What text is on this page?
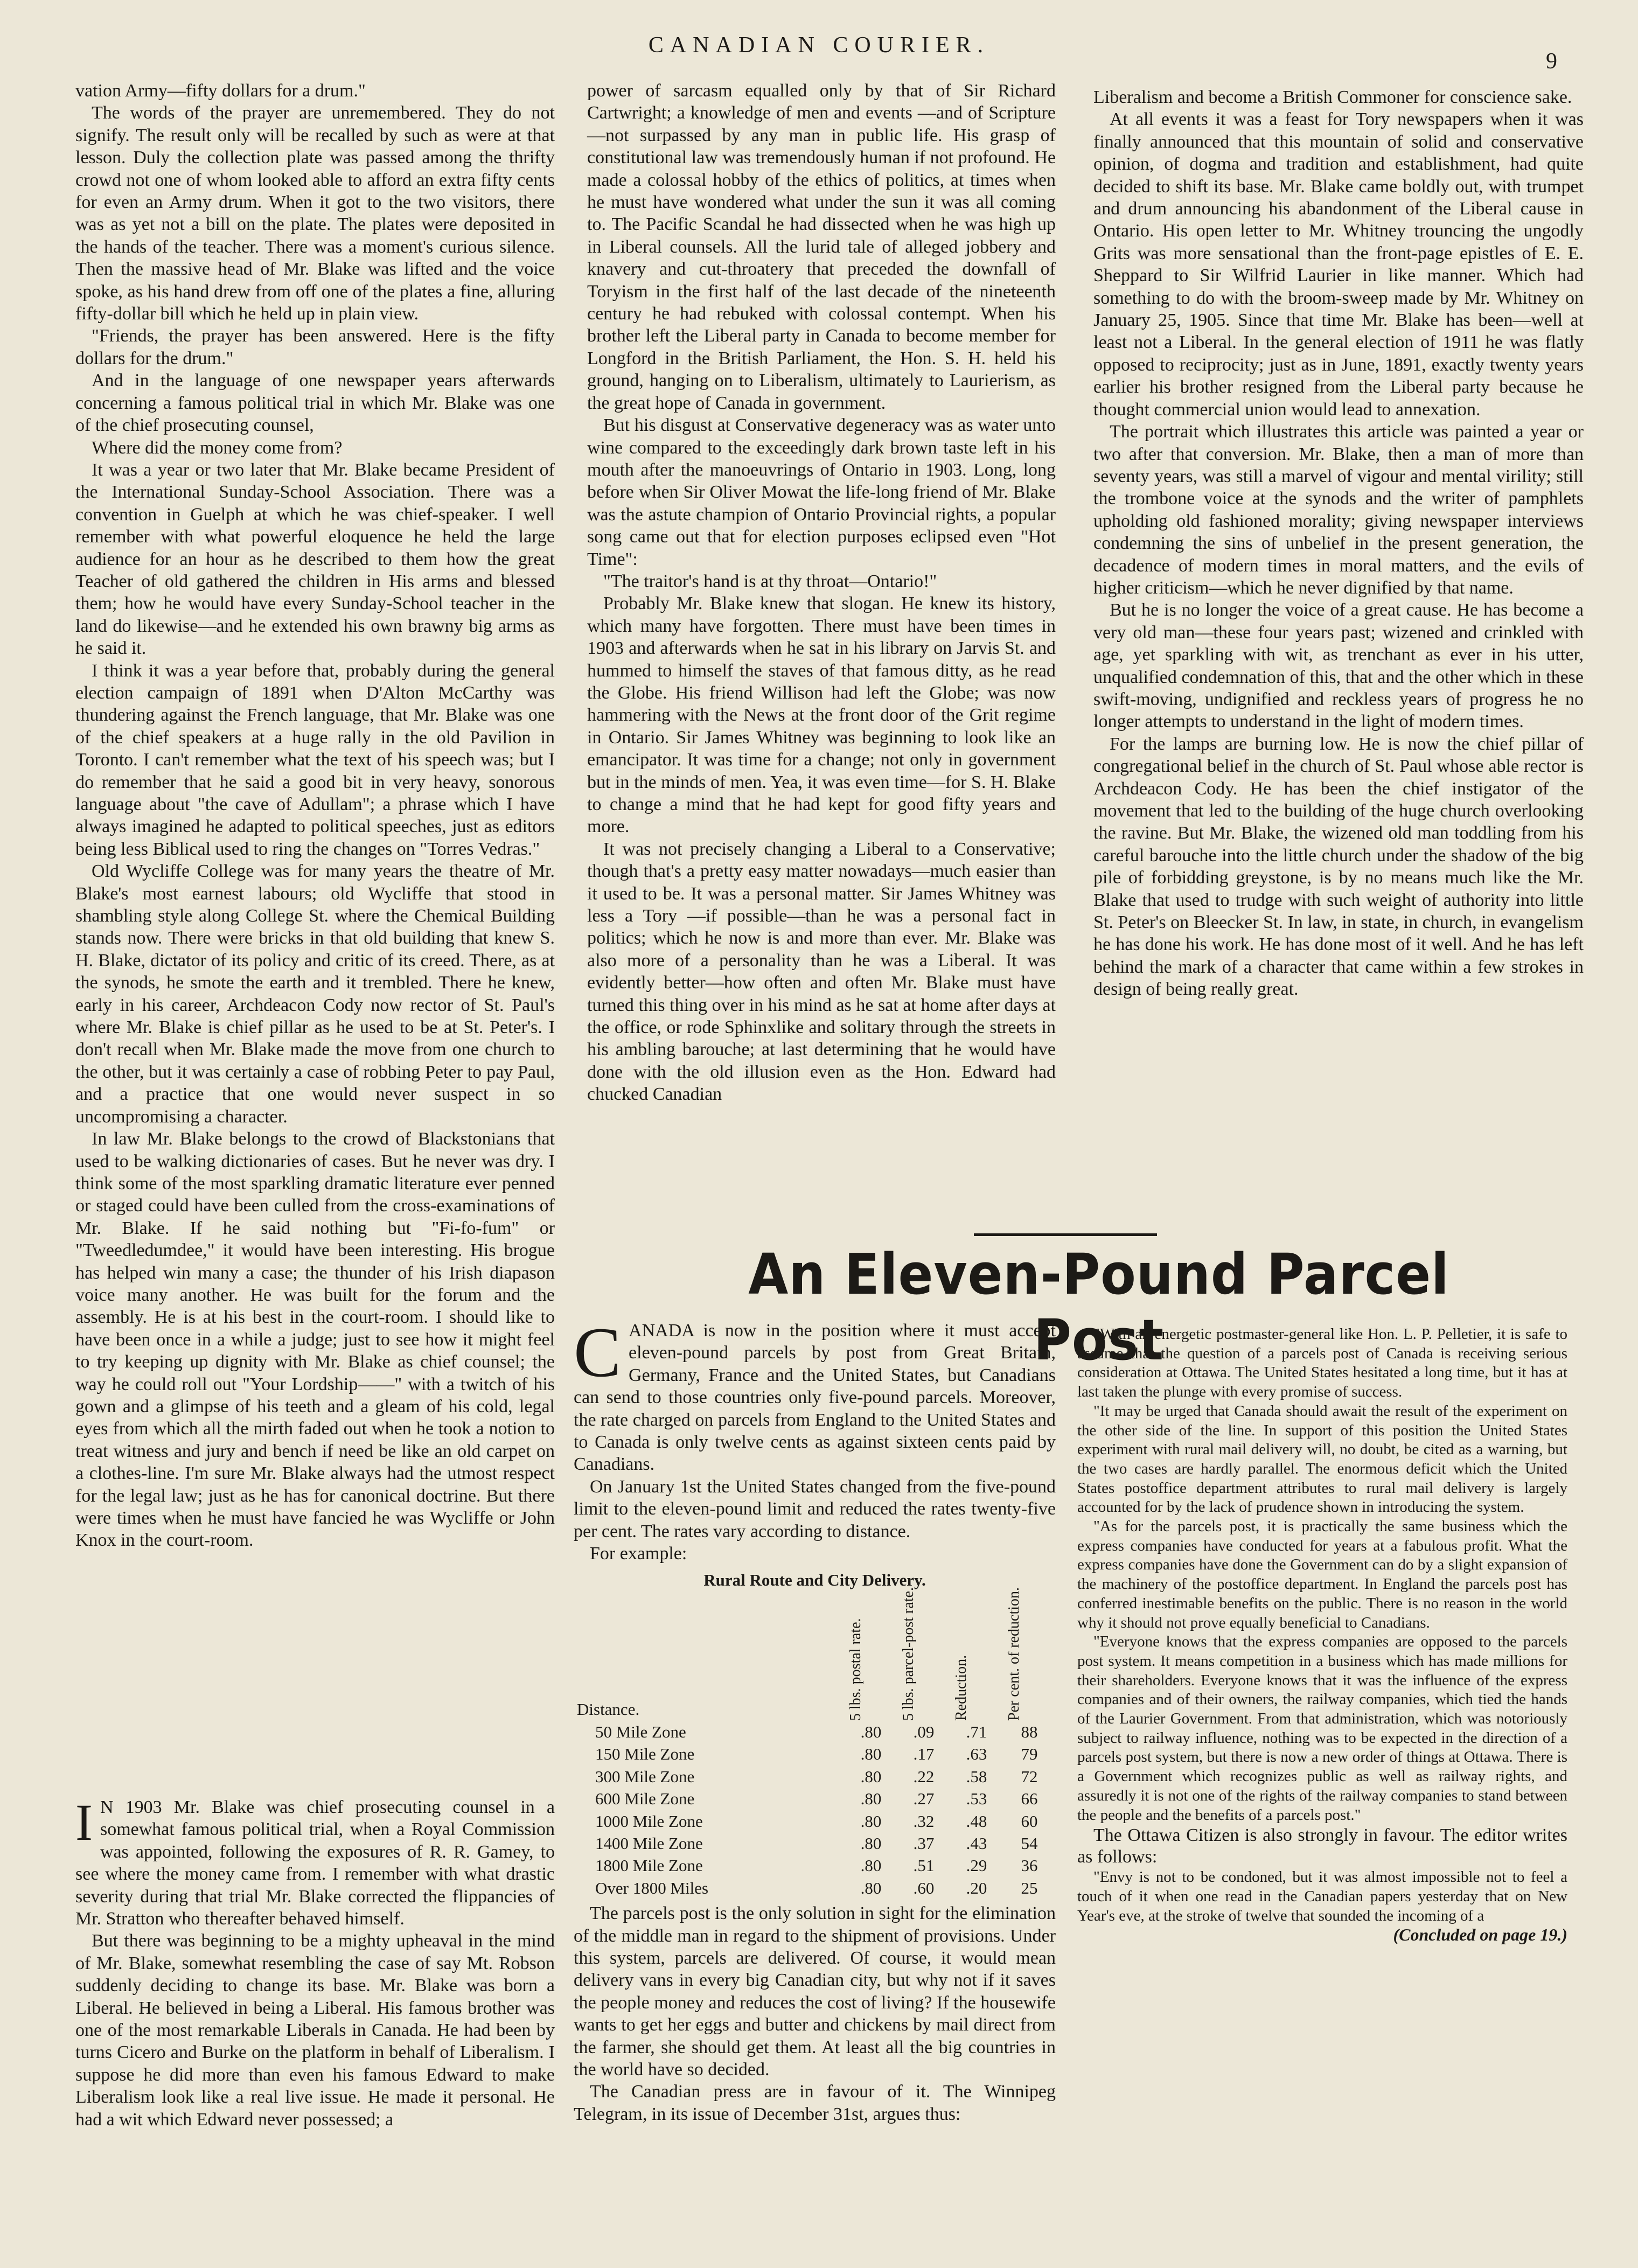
CANADIAN COURIER.
9

vation Army—fifty dollars for a drum."

The words of the prayer are unremembered. They do not signify. The result only will be recalled by such as were at that lesson. Duly the collection plate was passed among the thrifty crowd not one of whom looked able to afford an extra fifty cents for even an Army drum. When it got to the two visitors, there was as yet not a bill on the plate. The plates were deposited in the hands of the teacher. There was a moment's curious silence. Then the massive head of Mr. Blake was lifted and the voice spoke, as his hand drew from off one of the plates a fine, alluring fifty-dollar bill which he held up in plain view.

"Friends, the prayer has been answered. Here is the fifty dollars for the drum."

And in the language of one newspaper years afterwards concerning a famous political trial in which Mr. Blake was one of the chief prosecuting counsel,

Where did the money come from?

It was a year or two later that Mr. Blake became President of the International Sunday-School Association. There was a convention in Guelph at which he was chief-speaker. I well remember with what powerful eloquence he held the large audience for an hour as he described to them how the great Teacher of old gathered the children in His arms and blessed them; how he would have every Sunday-School teacher in the land do likewise—and he extended his own brawny big arms as he said it.

I think it was a year before that, probably during the general election campaign of 1891 when D'Alton McCarthy was thundering against the French language, that Mr. Blake was one of the chief speakers at a huge rally in the old Pavilion in Toronto. I can't remember what the text of his speech was; but I do remember that he said a good bit in very heavy, sonorous language about "the cave of Adullam"; a phrase which I have always imagined he adapted to political speeches, just as editors being less Biblical used to ring the changes on "Torres Vedras."

Old Wycliffe College was for many years the theatre of Mr. Blake's most earnest labours; old Wycliffe that stood in shambling style along College St. where the Chemical Building stands now. There were bricks in that old building that knew S. H. Blake, dictator of its policy and critic of its creed. There, as at the synods, he smote the earth and it trembled. There he knew, early in his career, Archdeacon Cody now rector of St. Paul's where Mr. Blake is chief pillar as he used to be at St. Peter's. I don't recall when Mr. Blake made the move from one church to the other, but it was certainly a case of robbing Peter to pay Paul, and a practice that one would never suspect in so uncompromising a character.

In law Mr. Blake belongs to the crowd of Blackstonians that used to be walking dictionaries of cases. But he never was dry. I think some of the most sparkling dramatic literature ever penned or staged could have been culled from the cross-examinations of Mr. Blake. If he said nothing but "Fi-fo-fum" or "Tweedledumdee," it would have been interesting. His brogue has helped win many a case; the thunder of his Irish diapason voice many another. He was built for the forum and the assembly. He is at his best in the court-room. I should like to have been once in a while a judge; just to see how it might feel to try keeping up dignity with Mr. Blake as chief counsel; the way he could roll out "Your Lordship——" with a twitch of his gown and a glimpse of his teeth and a gleam of his cold, legal eyes from which all the mirth faded out when he took a notion to treat witness and jury and bench if need be like an old carpet on a clothes-line. I'm sure Mr. Blake always had the utmost respect for the legal law; just as he has for canonical doctrine. But there were times when he must have fancied he was Wycliffe or John Knox in the court-room.

I N 1903 Mr. Blake was chief prosecuting counsel in a somewhat famous political trial, when a Royal Commission was appointed, following the exposures of R. R. Gamey, to see where the money came from. I remember with what drastic severity during that trial Mr. Blake corrected the flippancies of Mr. Stratton who thereafter behaved himself.

But there was beginning to be a mighty upheaval in the mind of Mr. Blake, somewhat resembling the case of say Mt. Robson suddenly deciding to change its base. Mr. Blake was born a Liberal. He believed in being a Liberal. His famous brother was one of the most remarkable Liberals in Canada. He had been by turns Cicero and Burke on the platform in behalf of Liberalism. I suppose he did more than even his famous Edward to make Liberalism look like a real live issue. He made it personal. He had a wit which Edward never possessed; a

power of sarcasm equalled only by that of Sir Richard Cartwright; a knowledge of men and events —and of Scripture—not surpassed by any man in public life. His grasp of constitutional law was tremendously human if not profound. He made a colossal hobby of the ethics of politics, at times when he must have wondered what under the sun it was all coming to. The Pacific Scandal he had dissected when he was high up in Liberal counsels. All the lurid tale of alleged jobbery and knavery and cut-throatery that preceded the downfall of Toryism in the first half of the last decade of the nineteenth century he had rebuked with colossal contempt. When his brother left the Liberal party in Canada to become member for Longford in the British Parliament, the Hon. S. H. held his ground, hanging on to Liberalism, ultimately to Laurierism, as the great hope of Canada in government.

But his disgust at Conservative degeneracy was as water unto wine compared to the exceedingly dark brown taste left in his mouth after the manoeuvrings of Ontario in 1903. Long, long before when Sir Oliver Mowat the life-long friend of Mr. Blake was the astute champion of Ontario Provincial rights, a popular song came out that for election purposes eclipsed even "Hot Time":

"The traitor's hand is at thy throat—Ontario!"

Probably Mr. Blake knew that slogan. He knew its history, which many have forgotten. There must have been times in 1903 and afterwards when he sat in his library on Jarvis St. and hummed to himself the staves of that famous ditty, as he read the Globe. His friend Willison had left the Globe; was now hammering with the News at the front door of the Grit regime in Ontario. Sir James Whitney was beginning to look like an emancipator. It was time for a change; not only in government but in the minds of men. Yea, it was even time—for S. H. Blake to change a mind that he had kept for good fifty years and more.

It was not precisely changing a Liberal to a Conservative; though that's a pretty easy matter nowadays—much easier than it used to be. It was a personal matter. Sir James Whitney was less a Tory —if possible—than he was a personal fact in politics; which he now is and more than ever. Mr. Blake was also more of a personality than he was a Liberal. It was evidently better—how often and often Mr. Blake must have turned this thing over in his mind as he sat at home after days at the office, or rode Sphinxlike and solitary through the streets in his ambling barouche; at last determining that he would have done with the old illusion even as the Hon. Edward had chucked Canadian

Liberalism and become a British Commoner for conscience sake.

At all events it was a feast for Tory newspapers when it was finally announced that this mountain of solid and conservative opinion, of dogma and tradition and establishment, had quite decided to shift its base. Mr. Blake came boldly out, with trumpet and drum announcing his abandonment of the Liberal cause in Ontario. His open letter to Mr. Whitney trouncing the ungodly Grits was more sensational than the front-page epistles of E. E. Sheppard to Sir Wilfrid Laurier in like manner. Which had something to do with the broom-sweep made by Mr. Whitney on January 25, 1905. Since that time Mr. Blake has been—well at least not a Liberal. In the general election of 1911 he was flatly opposed to reciprocity; just as in June, 1891, exactly twenty years earlier his brother resigned from the Liberal party because he thought commercial union would lead to annexation.

The portrait which illustrates this article was painted a year or two after that conversion. Mr. Blake, then a man of more than seventy years, was still a marvel of vigour and mental virility; still the trombone voice at the synods and the writer of pamphlets upholding old fashioned morality; giving newspaper interviews condemning the sins of unbelief in the present generation, the decadence of modern times in moral matters, and the evils of higher criticism—which he never dignified by that name.

But he is no longer the voice of a great cause. He has become a very old man—these four years past; wizened and crinkled with age, yet sparkling with wit, as trenchant as ever in his utter, unqualified condemnation of this, that and the other which in these swift-moving, undignified and reckless years of progress he no longer attempts to understand in the light of modern times.

For the lamps are burning low. He is now the chief pillar of congregational belief in the church of St. Paul whose able rector is Archdeacon Cody. He has been the chief instigator of the movement that led to the building of the huge church overlooking the ravine. But Mr. Blake, the wizened old man toddling from his careful barouche into the little church under the shadow of the big pile of forbidding greystone, is by no means much like the Mr. Blake that used to trudge with such weight of authority into little St. Peter's on Bleecker St. In law, in state, in church, in evangelism he has done his work. He has done most of it well. And he has left behind the mark of a character that came within a few strokes in design of being really great.

An Eleven-Pound Parcel Post

CANADA is now in the position where it must accept eleven-pound parcels by post from Great Britain, Germany, France and the United States, but Canadians can send to those countries only five-pound parcels. Moreover, the rate charged on parcels from England to the United States and to Canada is only twelve cents as against sixteen cents paid by Canadians.

On January 1st the United States changed from the five-pound limit to the eleven-pound limit and reduced the rates twenty-five per cent. The rates vary according to distance.

For example:

Rural Route and City Delivery.
Distance.	5 lbs. postal rate.	5 lbs. parcel-post rate.	Reduction.	Per cent. of reduction.

50 Mile Zone	.80	.09	.71	88
150 Mile Zone	.80	.17	.63	79
300 Mile Zone	.80	.22	.58	72
600 Mile Zone	.80	.27	.53	66
1000 Mile Zone	.80	.32	.48	60
1400 Mile Zone	.80	.37	.43	54
1800 Mile Zone	.80	.51	.29	36
Over 1800 Miles	.80	.60	.20	25

The parcels post is the only solution in sight for the elimination of the middle man in regard to the shipment of provisions. Under this system, parcels are delivered. Of course, it would mean delivery vans in every big Canadian city, but why not if it saves the people money and reduces the cost of living? If the housewife wants to get her eggs and butter and chickens by mail direct from the farmer, she should get them. At least all the big countries in the world have so decided.

The Canadian press are in favour of it. The Winnipeg Telegram, in its issue of December 31st, argues thus:

"With an energetic postmaster-general like Hon. L. P. Pelletier, it is safe to assume that the question of a parcels post of Canada is receiving serious consideration at Ottawa. The United States hesitated a long time, but it has at last taken the plunge with every promise of success.

"It may be urged that Canada should await the result of the experiment on the other side of the line. In support of this position the United States experiment with rural mail delivery will, no doubt, be cited as a warning, but the two cases are hardly parallel. The enormous deficit which the United States postoffice department attributes to rural mail delivery is largely accounted for by the lack of prudence shown in introducing the system.

"As for the parcels post, it is practically the same business which the express companies have conducted for years at a fabulous profit. What the express companies have done the Government can do by a slight expansion of the machinery of the postoffice department. In England the parcels post has conferred inestimable benefits on the public. There is no reason in the world why it should not prove equally beneficial to Canadians.

"Everyone knows that the express companies are opposed to the parcels post system. It means competition in a business which has made millions for their shareholders. Everyone knows that it was the influence of the express companies and of their owners, the railway companies, which tied the hands of the Laurier Government. From that administration, which was notoriously subject to railway influence, nothing was to be expected in the direction of a parcels post system, but there is now a new order of things at Ottawa. There is a Government which recognizes public as well as railway rights, and assuredly it is not one of the rights of the railway companies to stand between the people and the benefits of a parcels post."

The Ottawa Citizen is also strongly in favour. The editor writes as follows:

"Envy is not to be condoned, but it was almost impossible not to feel a touch of it when one read in the Canadian papers yesterday that on New Year's eve, at the stroke of twelve that sounded the incoming of a

(Concluded on page 19.)
